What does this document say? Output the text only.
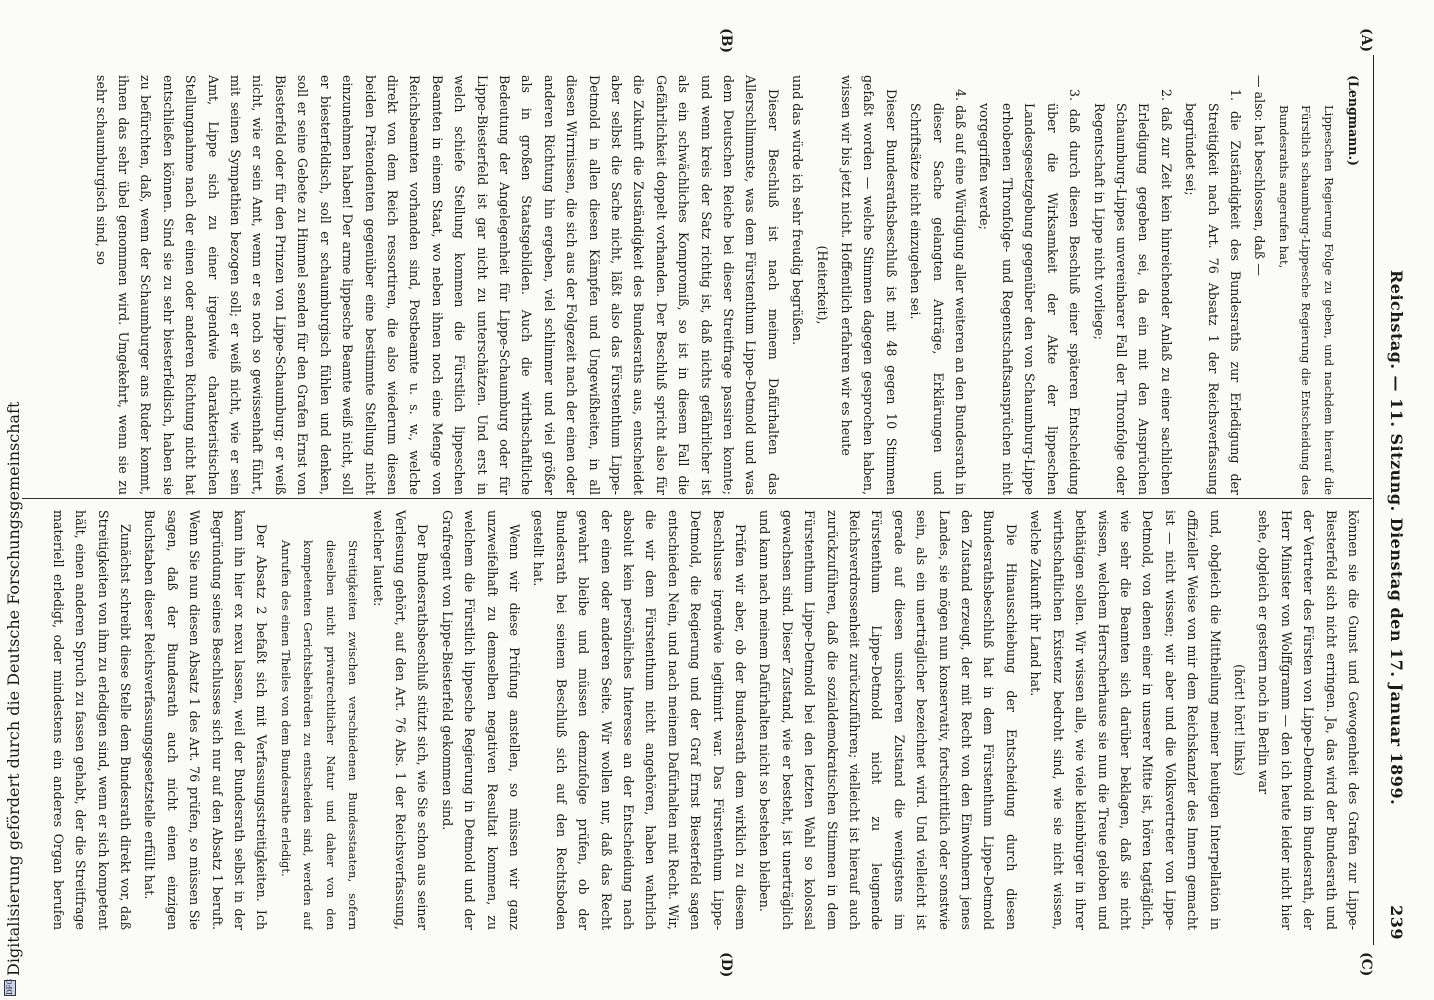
Reichstag. — 11. Sitzung. Dienstag den 17. Januar 1899.
239
(A)
(B)
(C)
(D)

(Lengmann.)

Lippeschen Regierung Folge zu geben, und nachdem hierauf die Fürstlich schaumburg-Lippesche Regierung die Entscheidung des Bundesraths angerufen hat,

— also: hat beschlossen, daß —

1. die Zuständigkeit des Bundesraths zur Erledigung der Streitigkeit nach Art. 76 Absatz 1 der Reichsverfassung begründet sei;

2. daß zur Zeit kein hinreichender Anlaß zu einer sachlichen Erledigung gegeben sei, da ein mit den Ansprüchen Schaumburg-Lippes unvereinbarer Fall der Thronfolge oder Regentschaft in Lippe nicht vorliege;

3. daß durch diesen Beschluß einer späteren Entscheidung über die Wirksamkeit der Akte der lippeschen Landesgesetzgebung gegenüber den von Schaumburg-Lippe erhobenen Thronfolge- und Regentschaftsansprüchen nicht vorgegriffen werde;

4. daß auf eine Würdigung aller weiteren an den Bundesrath in dieser Sache gelangten Anträge, Erklärungen und Schriftsätze nicht einzugehen sei.

Dieser Bundesrathsbeschluß ist mit 48 gegen 10 Stimmen gefaßt worden — welche Stimmen dagegen gesprochen haben, wissen wir bis jetzt nicht. Hoffentlich erfahren wir es heute

(Heiterkeit),

und das würde ich sehr freudig begrüßen.

Dieser Beschluß ist nach meinem Dafürhalten das Allerschlimmste, was dem Fürstenthum Lippe-Detmold und was dem Deutschen Reiche bei dieser Streitfrage passiren konnte; und wenn kreis der Satz richtig ist, daß nichts gefährlicher ist als ein schwächliches Kompromiß, so ist in diesem Fall die Gefährlichkeit doppelt vorhanden. Der Beschluß spricht also für die Zukunft die Zuständigkeit des Bundesraths aus, entscheidet aber selbst die Sache nicht, läßt also das Fürstenthum Lippe-Detmold in allen diesen Kämpfen und Ungewißheiten, in all diesen Wirrnissen, die sich aus der Folgezeit nach der einen oder anderen Richtung hin ergeben, viel schlimmer und viel größer als in großen Staatsgebilden. Auch die wirthschaftliche Bedeutung der Angelegenheit für Lippe-Schaumburg oder für Lippe-Biesterfeld ist gar nicht zu unterschätzen. Und erst in welch schiefe Stellung kommen die Fürstlich lippeschen Beamten in einem Staat, wo neben ihnen noch eine Menge von Reichsbeamten vorhanden sind, Postbeamte u. s. w., welche direkt von dem Reich ressortiren, die also wiederum diesen beiden Prätendenten gegenüber eine bestimmte Stellung nicht einzunehmen haben! Der arme lippesche Beamte weiß nicht, soll er biesterfeldisch, soll er schaumburgisch fühlen und denken, soll er seine Gebete zu Himmel senden für den Grafen Ernst von Biesterfeld oder für den Prinzen von Lippe-Schaumburg; er weiß nicht, wie er sein Amt, wenn er es noch so gewissenhaft führt, mit seinen Sympathien bezogen soll; er weiß nicht, wie er sein Amt, Lippe sich zu einer irgendwie charakteristischen Stellungnahme nach der einen oder anderen Richtung nicht hat entschließen können. Sind sie zu sehr biesterfeldisch, haben sie zu befürchten, daß, wenn der Schaumburger ans Ruder kommt, ihnen das sehr übel genommen wird. Umgekehrt, wenn sie zu sehr schaumburgisch sind, so

können sie die Gunst und Gewogenheit des Grafen zur Lippe-Biesterfeld sich nicht erringen. Ja, das wird der Bundesrath und der Vertreter des Fürsten von Lippe-Detmold im Bundesrath, der Herr Minister von Wolffgramm — den ich heute leider nicht hier sehe, obgleich er gestern noch in Berlin war

(hört! hört! links)

und, obgleich die Mittheilung meiner heutigen Interpellation in offizieller Weise von mir dem Reichskanzler des Innern gemacht ist — nicht wissen; wir aber und die Volksvertreter von Lippe-Detmold, von denen einer in unserer Mitte ist, hören tagtäglich, wie sehr die Beamten sich darüber beklagen, daß sie nicht wissen, welchem Herrscherhause sie nun die Treue geloben und bethätigen sollen. Wir wissen alle, wie viele kleinbürger in ihrer wirthschaftlichen Existenz bedroht sind, wie sie nicht wissen, welche Zukunft ihr Land hat.

Die Hinausschiebung der Entscheidung durch diesen Bundesrathsbeschluß hat in dem Fürstenthum Lippe-Detmold den Zustand erzeugt, der mit Recht von den Einwohnern jenes Landes, sie mögen nun konservativ, fortschrittlich oder sonstwie sein, als ein unerträglicher bezeichnet wird. Und vielleicht ist gerade auf diesen unsicheren Zustand die wenigstens im Fürstenthum Lippe-Detmold nicht zu leugnende Reichsverdrossenheit zurückzuführen; vielleicht ist hierauf auch zurückzuführen, daß die sozialdemokratischen Stimmen in dem Fürstenthum Lippe-Detmold bei den letzten Wahl so kolossal gewachsen sind. Dieser Zustand, wie er besteht, ist unerträglich und kann nach meinem Dafürhalten nicht so bestehen bleiben.

Prüfen wir aber, ob der Bundesrath dem wirklich zu diesem Beschlusse irgendwie legitimirt war. Das Fürstenthum Lippe-Detmold, die Regierung und der Graf Ernst Biesterfeld sagen entschieden Nein, und nach meinem Dafürhalten mit Recht. Wir, die wir dem Fürstenthum nicht angehören, haben wahrlich absolut kein persönliches Interesse an der Entscheidung nach der einen oder anderen Seite. Wir wollen nur, daß das Recht gewahrt bleibe und müssen demzufolge prüfen, ob der Bundesrath bei seinem Beschluß sich auf den Rechtsboden gestellt hat.

Wenn wir diese Prüfung anstellen, so müssen wir ganz unzweifelhaft zu demselben negativen Resultat kommen, zu welchem die Fürstlich lippesche Regierung in Detmold und der Grafregent von Lippe-Biesterfeld gekommen sind.

Der Bundesrathsbeschluß stützt sich, wie Sie schon aus seiner Verlesung gehört, auf den Art. 76 Abs. 1 der Reichsverfassung, welcher lautet:

Streitigkeiten zwischen verschiedenen Bundesstaaten, sofern dieselben nicht privatrechtlicher Natur und daher von den kompetenten Gerichtsbehörden zu entscheiden sind, werden auf Anrufen des einen Theiles von dem Bundesrathe erledigt.

Der Absatz 2 befaßt sich mit Verfassungsstreitigkeiten. Ich kann ihn hier ex nexu lassen, weil der Bundesrath selbst in der Begründung seines Beschlusses sich nur auf den Absatz 1 beruft. Wenn Sie nun diesen Absatz 1 des Art. 76 prüfen, so müssen Sie sagen, daß der Bundesrath auch nicht einen einzigen Buchstaben dieser Reichsverfassungsgesetzstelle erfüllt hat.

Zunächst schreibt diese Stelle dem Bundesrath direkt vor, daß Streitigkeiten von ihm zu erledigen sind, wenn er sich kompetent hält, einen anderen Spruch zu fassen gehabt, der die Streitfrage materiell erledigt, oder mindestens ein anderes Organ berufen

DFG
Digitalisierung gefördert durch die Deutsche Forschungsgemeinschaft
